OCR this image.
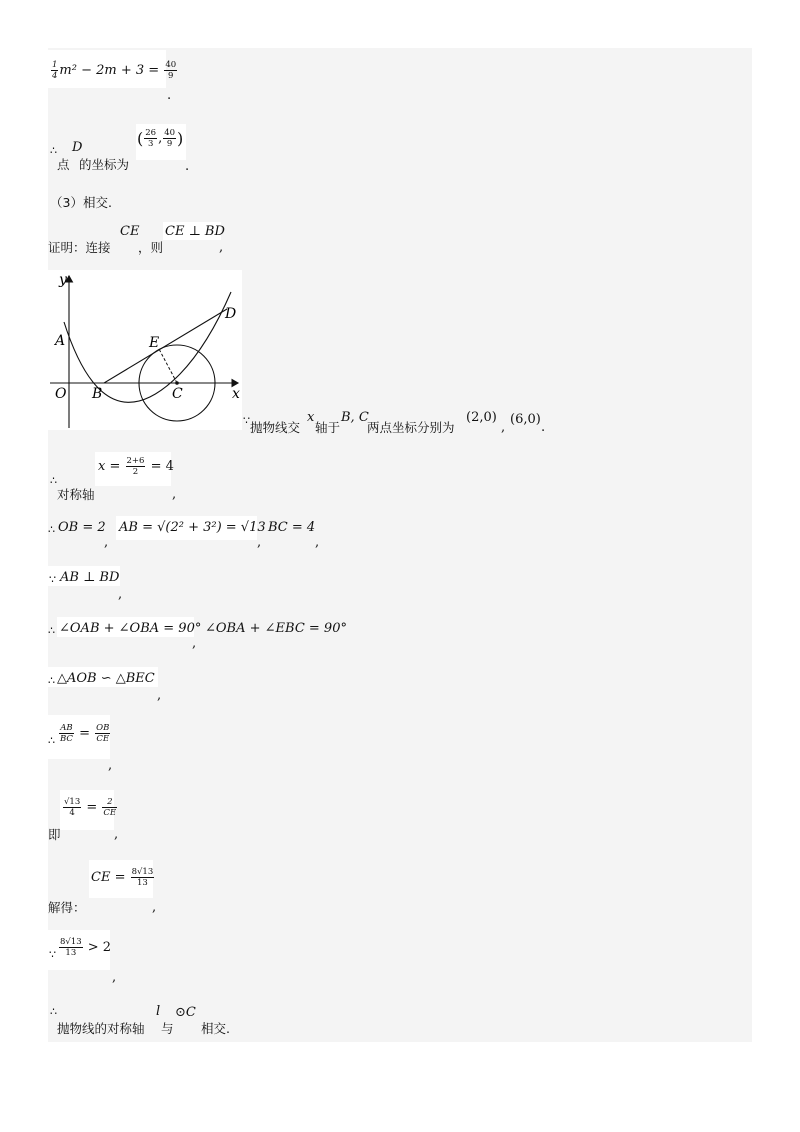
$\frac{1}{4} m^2 - 2m + 3 = \frac{40}{9}$
.
∴ D
点 的坐标为
( $\frac{26}{3}$ , $\frac{40}{9}$ )
.
（3）相交.
证明：连接
CE
，则
CE ⊥ BD
,
y
x
A
O B	C
E
D
∵ 抛物线交
x
轴于
B, C
两点坐标分别为
(2,0)
,
(6,0)
.
∴
对称轴
$x = \frac{2+6}{2} = 4$
,
∴ OB = 2
,
AB = √(2² + 3²) = √13
,
BC = 4
,
∵ AB ⊥ BD
,
∴ ∠OAB + ∠OBA = 90°
,
∠OBA + ∠EBC = 90°
∴ △AOB ∽ △BEC
,
∴ $\frac{AB}{BC} = \frac{OB}{CE}$
,
$\frac{√13}{4} = \frac{2}{CE}$
即	,
解得：
CE = $\frac{8√13}{13}$
,
∵ $\frac{8√13}{13} > 2$
,
∴
抛物线的对称轴
l
与
⊙C
相交.
